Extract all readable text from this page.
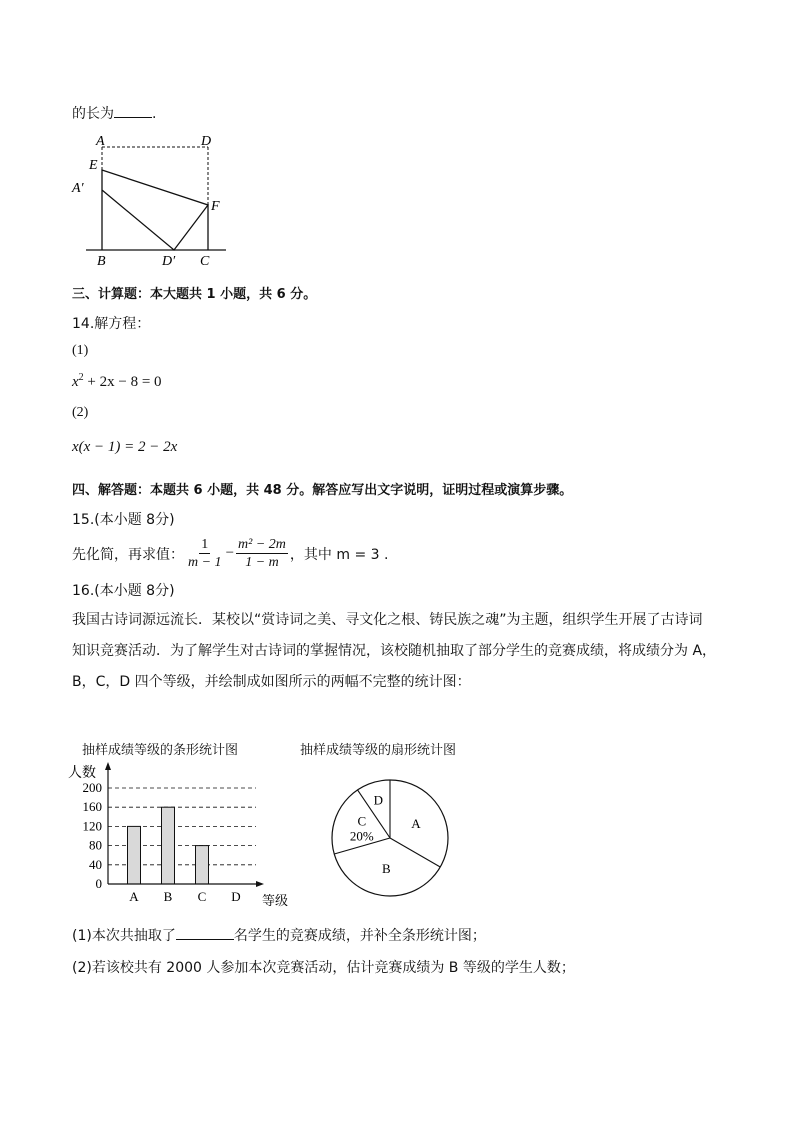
的长为	.
A	D
E
A′
F
B	D′ C
三、计算题：本大题共 1 小题，共 6 分。
14.解方程：
(1)
$x^2 + 2x - 8 = 0$
(2)
x(x − 1) = 2 − 2x
四、解答题：本题共 6 小题，共 48 分。解答应写出文字说明，证明过程或演算步骤。
15.(本小题 8分)
先化简，再求值： $\frac{1}{m - 1} - \frac{\text{m² − 2m}}{1 - m}$ ，其中 m = 3 .
16.(本小题 8分)
我国古诗词源远流长．某校以“赏诗词之美、寻文化之根、铸民族之魂”为主题，组织学生开展了古诗词
知识竞赛活动．为了解学生对古诗词的掌握情况，该校随机抽取了部分学生的竞赛成绩，将成绩分为 A，
B，C，D 四个等级，并绘制成如图所示的两幅不完整的统计图：
抽样成绩等级的条形统计图
0
40
80
120
160
200
A B C D
人数
等级
抽样成绩等级的扇形统计图
A
B
C
20%
D
(1)本次共抽取了	名学生的竞赛成绩，并补全条形统计图；
(2)若该校共有 2000 人参加本次竞赛活动，估计竞赛成绩为 B 等级的学生人数；
